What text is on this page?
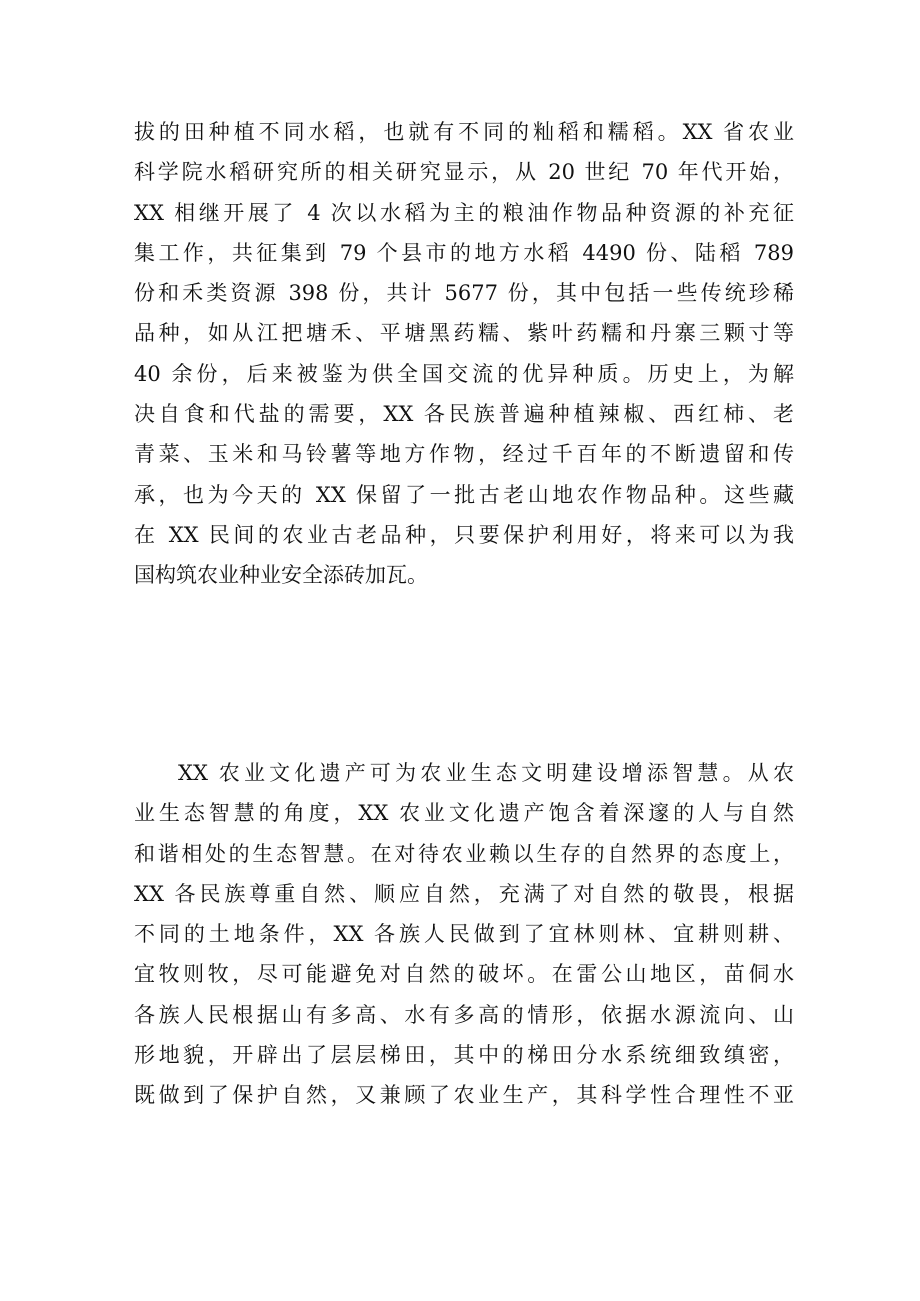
拔的田种植不同水稻，也就有不同的籼稻和糯稻。XX 省农业
科学院水稻研究所的相关研究显示，从 20 世纪 70 年代开始，
XX 相继开展了 4 次以水稻为主的粮油作物品种资源的补充征
集工作，共征集到 79 个县市的地方水稻 4490 份、陆稻 789
份和禾类资源 398 份，共计 5677 份，其中包括一些传统珍稀
品种，如从江把塘禾、平塘黑药糯、紫叶药糯和丹寨三颗寸等
40 余份，后来被鉴为供全国交流的优异种质。历史上，为解
决自食和代盐的需要，XX 各民族普遍种植辣椒、西红柿、老
青菜、玉米和马铃薯等地方作物，经过千百年的不断遗留和传
承，也为今天的 XX 保留了一批古老山地农作物品种。这些藏
在 XX 民间的农业古老品种，只要保护利用好，将来可以为我
国构筑农业种业安全添砖加瓦。

XX 农业文化遗产可为农业生态文明建设增添智慧。从农
业生态智慧的角度，XX 农业文化遗产饱含着深邃的人与自然
和谐相处的生态智慧。在对待农业赖以生存的自然界的态度上，
XX 各民族尊重自然、顺应自然，充满了对自然的敬畏，根据
不同的土地条件，XX 各族人民做到了宜林则林、宜耕则耕、
宜牧则牧，尽可能避免对自然的破坏。在雷公山地区，苗侗水
各族人民根据山有多高、水有多高的情形，依据水源流向、山
形地貌，开辟出了层层梯田，其中的梯田分水系统细致缜密，
既做到了保护自然，又兼顾了农业生产，其科学性合理性不亚
